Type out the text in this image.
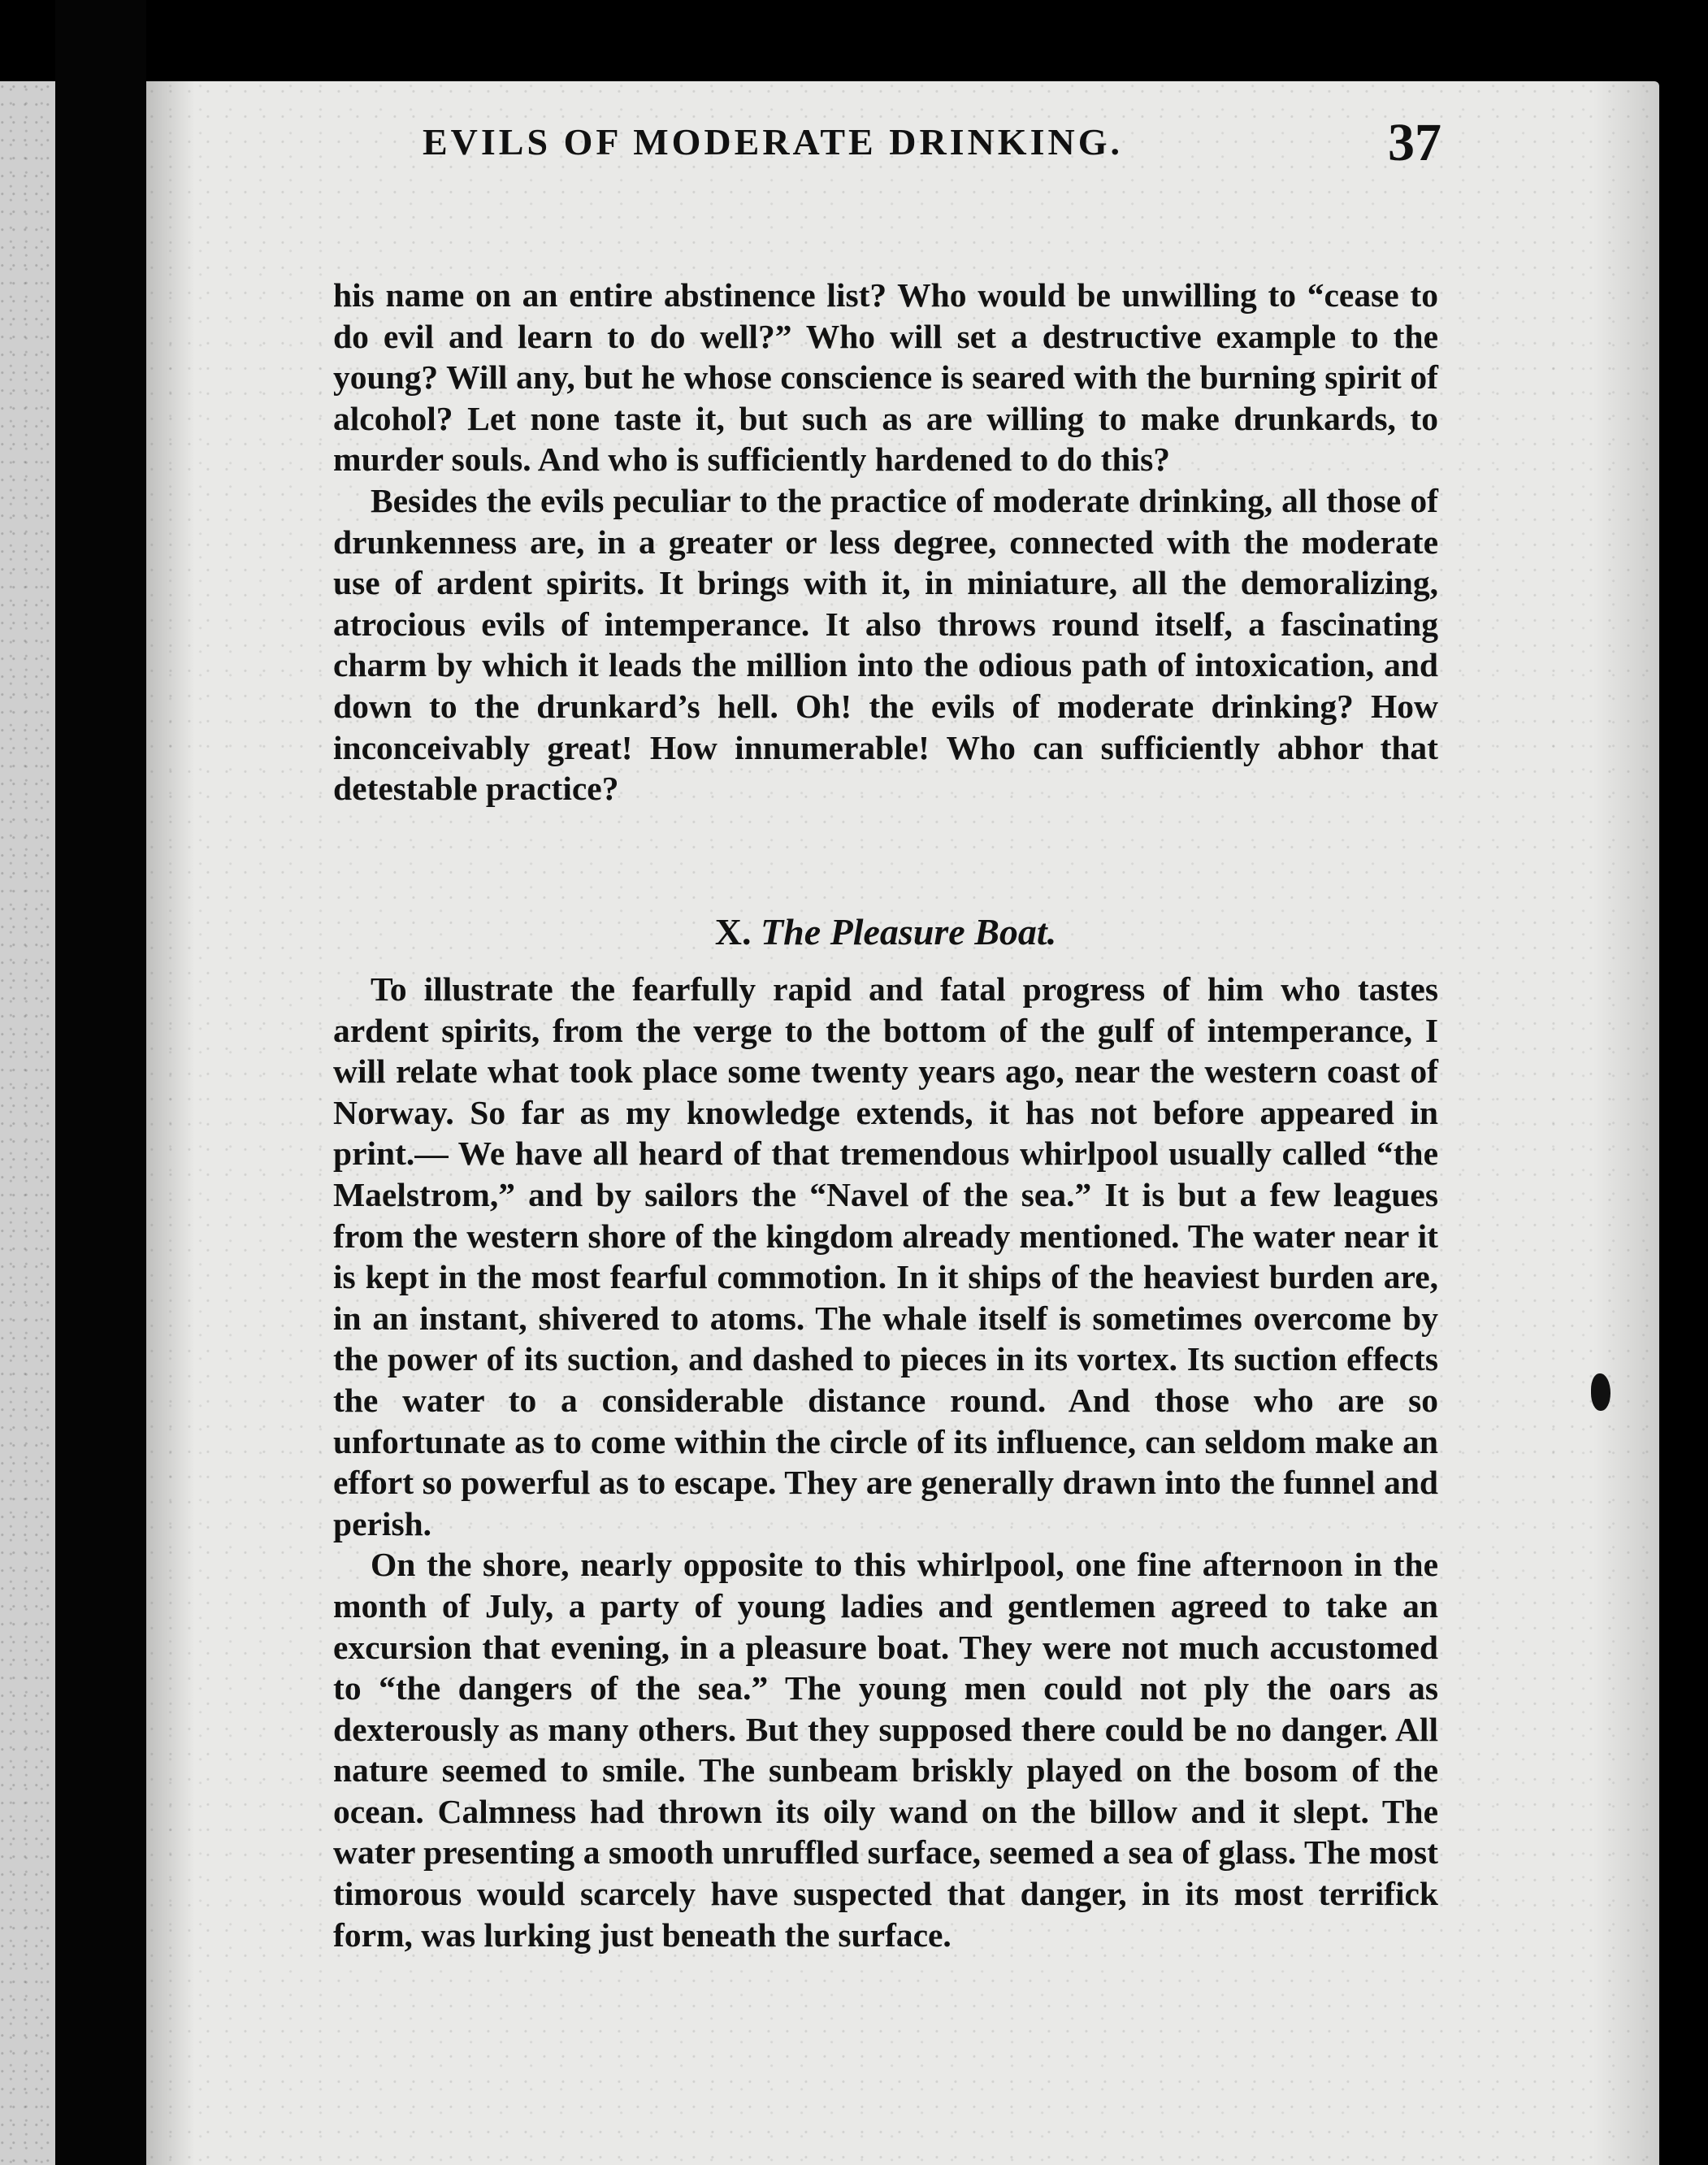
EVILS OF MODERATE DRINKING.	37

his name on an entire abstinence list? Who would be unwilling to “cease to do evil and learn to do well?” Who will set a destructive example to the young? Will any, but he whose conscience is seared with the burning spirit of alcohol? Let none taste it, but such as are willing to make drunkards, to murder souls. And who is sufficiently hardened to do this?

Besides the evils peculiar to the practice of moderate drinking, all those of drunkenness are, in a greater or less degree, connected with the moderate use of ardent spirits. It brings with it, in miniature, all the demoralizing, atrocious evils of intemperance. It also throws round itself, a fascinating charm by which it leads the million into the odious path of intoxication, and down to the drunkard’s hell. Oh! the evils of moderate drinking? How inconceivably great! How innumerable! Who can sufficiently abhor that detestable practice?

X. The Pleasure Boat.

To illustrate the fearfully rapid and fatal progress of him who tastes ardent spirits, from the verge to the bottom of the gulf of intemperance, I will relate what took place some twenty years ago, near the western coast of Norway. So far as my knowledge extends, it has not before appeared in print.— We have all heard of that tremendous whirlpool usually called “the Maelstrom,” and by sailors the “Navel of the sea.” It is but a few leagues from the western shore of the kingdom already mentioned. The water near it is kept in the most fearful commotion. In it ships of the heaviest burden are, in an instant, shivered to atoms. The whale itself is sometimes overcome by the power of its suction, and dashed to pieces in its vortex. Its suction effects the water to a considerable distance round. And those who are so unfortunate as to come within the circle of its influence, can seldom make an effort so powerful as to escape. They are generally drawn into the funnel and perish.

On the shore, nearly opposite to this whirlpool, one fine afternoon in the month of July, a party of young ladies and gentlemen agreed to take an excursion that evening, in a pleasure boat. They were not much accustomed to “the dangers of the sea.” The young men could not ply the oars as dexterously as many others. But they supposed there could be no danger. All nature seemed to smile. The sunbeam briskly played on the bosom of the ocean. Calmness had thrown its oily wand on the billow and it slept. The water presenting a smooth unruffled surface, seemed a sea of glass. The most timorous would scarcely have suspected that danger, in its most terrifick form, was lurking just beneath the surface.
